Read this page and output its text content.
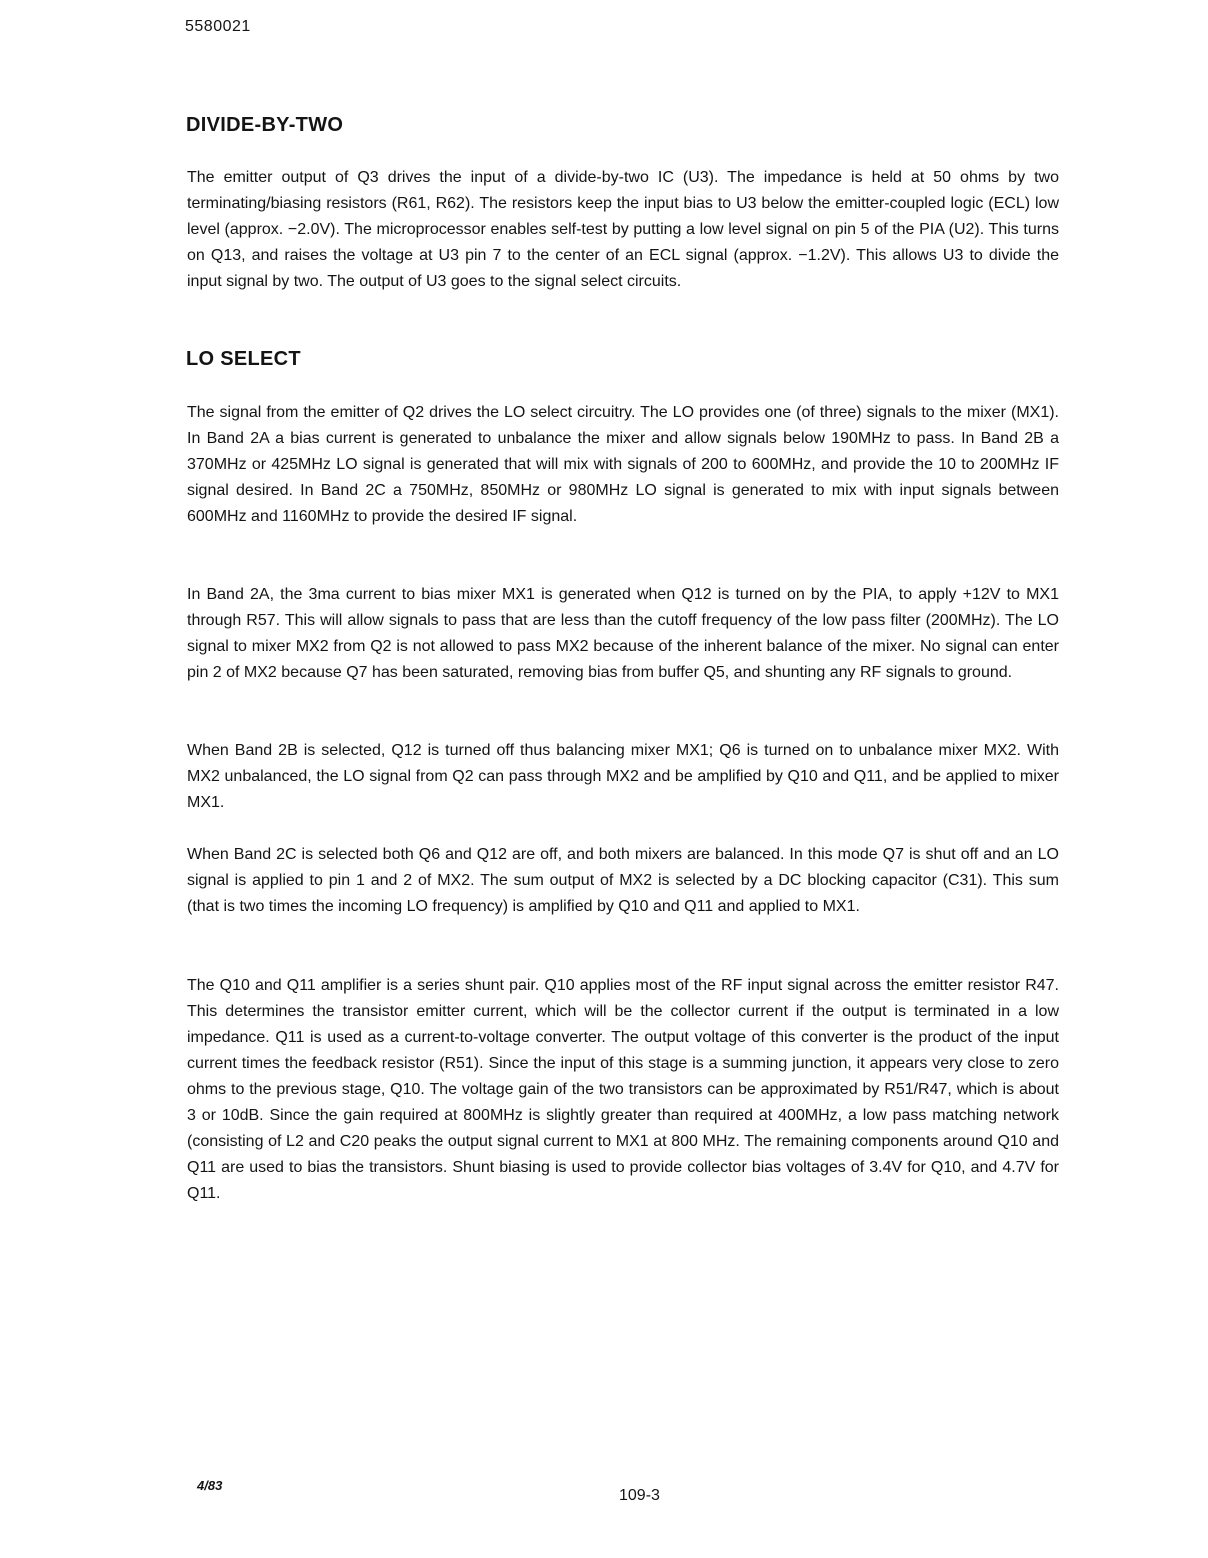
5580021
DIVIDE-BY-TWO

The emitter output of Q3 drives the input of a divide-by-two IC (U3). The impedance is held at 50 ohms by two terminating/biasing resistors (R61, R62). The resistors keep the input bias to U3 below the emitter-coupled logic (ECL) low level (approx. −2.0V). The microprocessor enables self-test by putting a low level signal on pin 5 of the PIA (U2). This turns on Q13, and raises the voltage at U3 pin 7 to the center of an ECL signal (approx. −1.2V). This allows U3 to divide the input signal by two. The output of U3 goes to the signal select circuits.

LO SELECT

The signal from the emitter of Q2 drives the LO select circuitry. The LO provides one (of three) signals to the mixer (MX1). In Band 2A a bias current is generated to unbalance the mixer and allow signals below 190MHz to pass. In Band 2B a 370MHz or 425MHz LO signal is generated that will mix with signals of 200 to 600MHz, and provide the 10 to 200MHz IF signal desired. In Band 2C a 750MHz, 850MHz or 980MHz LO signal is generated to mix with input signals between 600MHz and 1160MHz to provide the desired IF signal.

In Band 2A, the 3ma current to bias mixer MX1 is generated when Q12 is turned on by the PIA, to apply +12V to MX1 through R57. This will allow signals to pass that are less than the cutoff frequency of the low pass filter (200MHz). The LO signal to mixer MX2 from Q2 is not allowed to pass MX2 because of the inherent balance of the mixer. No signal can enter pin 2 of MX2 because Q7 has been saturated, removing bias from buffer Q5, and shunting any RF signals to ground.

When Band 2B is selected, Q12 is turned off thus balancing mixer MX1; Q6 is turned on to unbalance mixer MX2. With MX2 unbalanced, the LO signal from Q2 can pass through MX2 and be amplified by Q10 and Q11, and be applied to mixer MX1.

When Band 2C is selected both Q6 and Q12 are off, and both mixers are balanced. In this mode Q7 is shut off and an LO signal is applied to pin 1 and 2 of MX2. The sum output of MX2 is selected by a DC blocking capacitor (C31). This sum (that is two times the incoming LO frequency) is amplified by Q10 and Q11 and applied to MX1.

The Q10 and Q11 amplifier is a series shunt pair. Q10 applies most of the RF input signal across the emitter resistor R47. This determines the transistor emitter current, which will be the collector current if the output is terminated in a low impedance. Q11 is used as a current-to-voltage converter. The output voltage of this converter is the product of the input current times the feedback resistor (R51). Since the input of this stage is a summing junction, it appears very close to zero ohms to the previous stage, Q10. The voltage gain of the two transistors can be approximated by R51/R47, which is about 3 or 10dB. Since the gain required at 800MHz is slightly greater than required at 400MHz, a low pass matching network (consisting of L2 and C20 peaks the output signal current to MX1 at 800 MHz. The remaining components around Q10 and Q11 are used to bias the transistors. Shunt biasing is used to provide collector bias voltages of 3.4V for Q10, and 4.7V for Q11.

4/83
109-3
